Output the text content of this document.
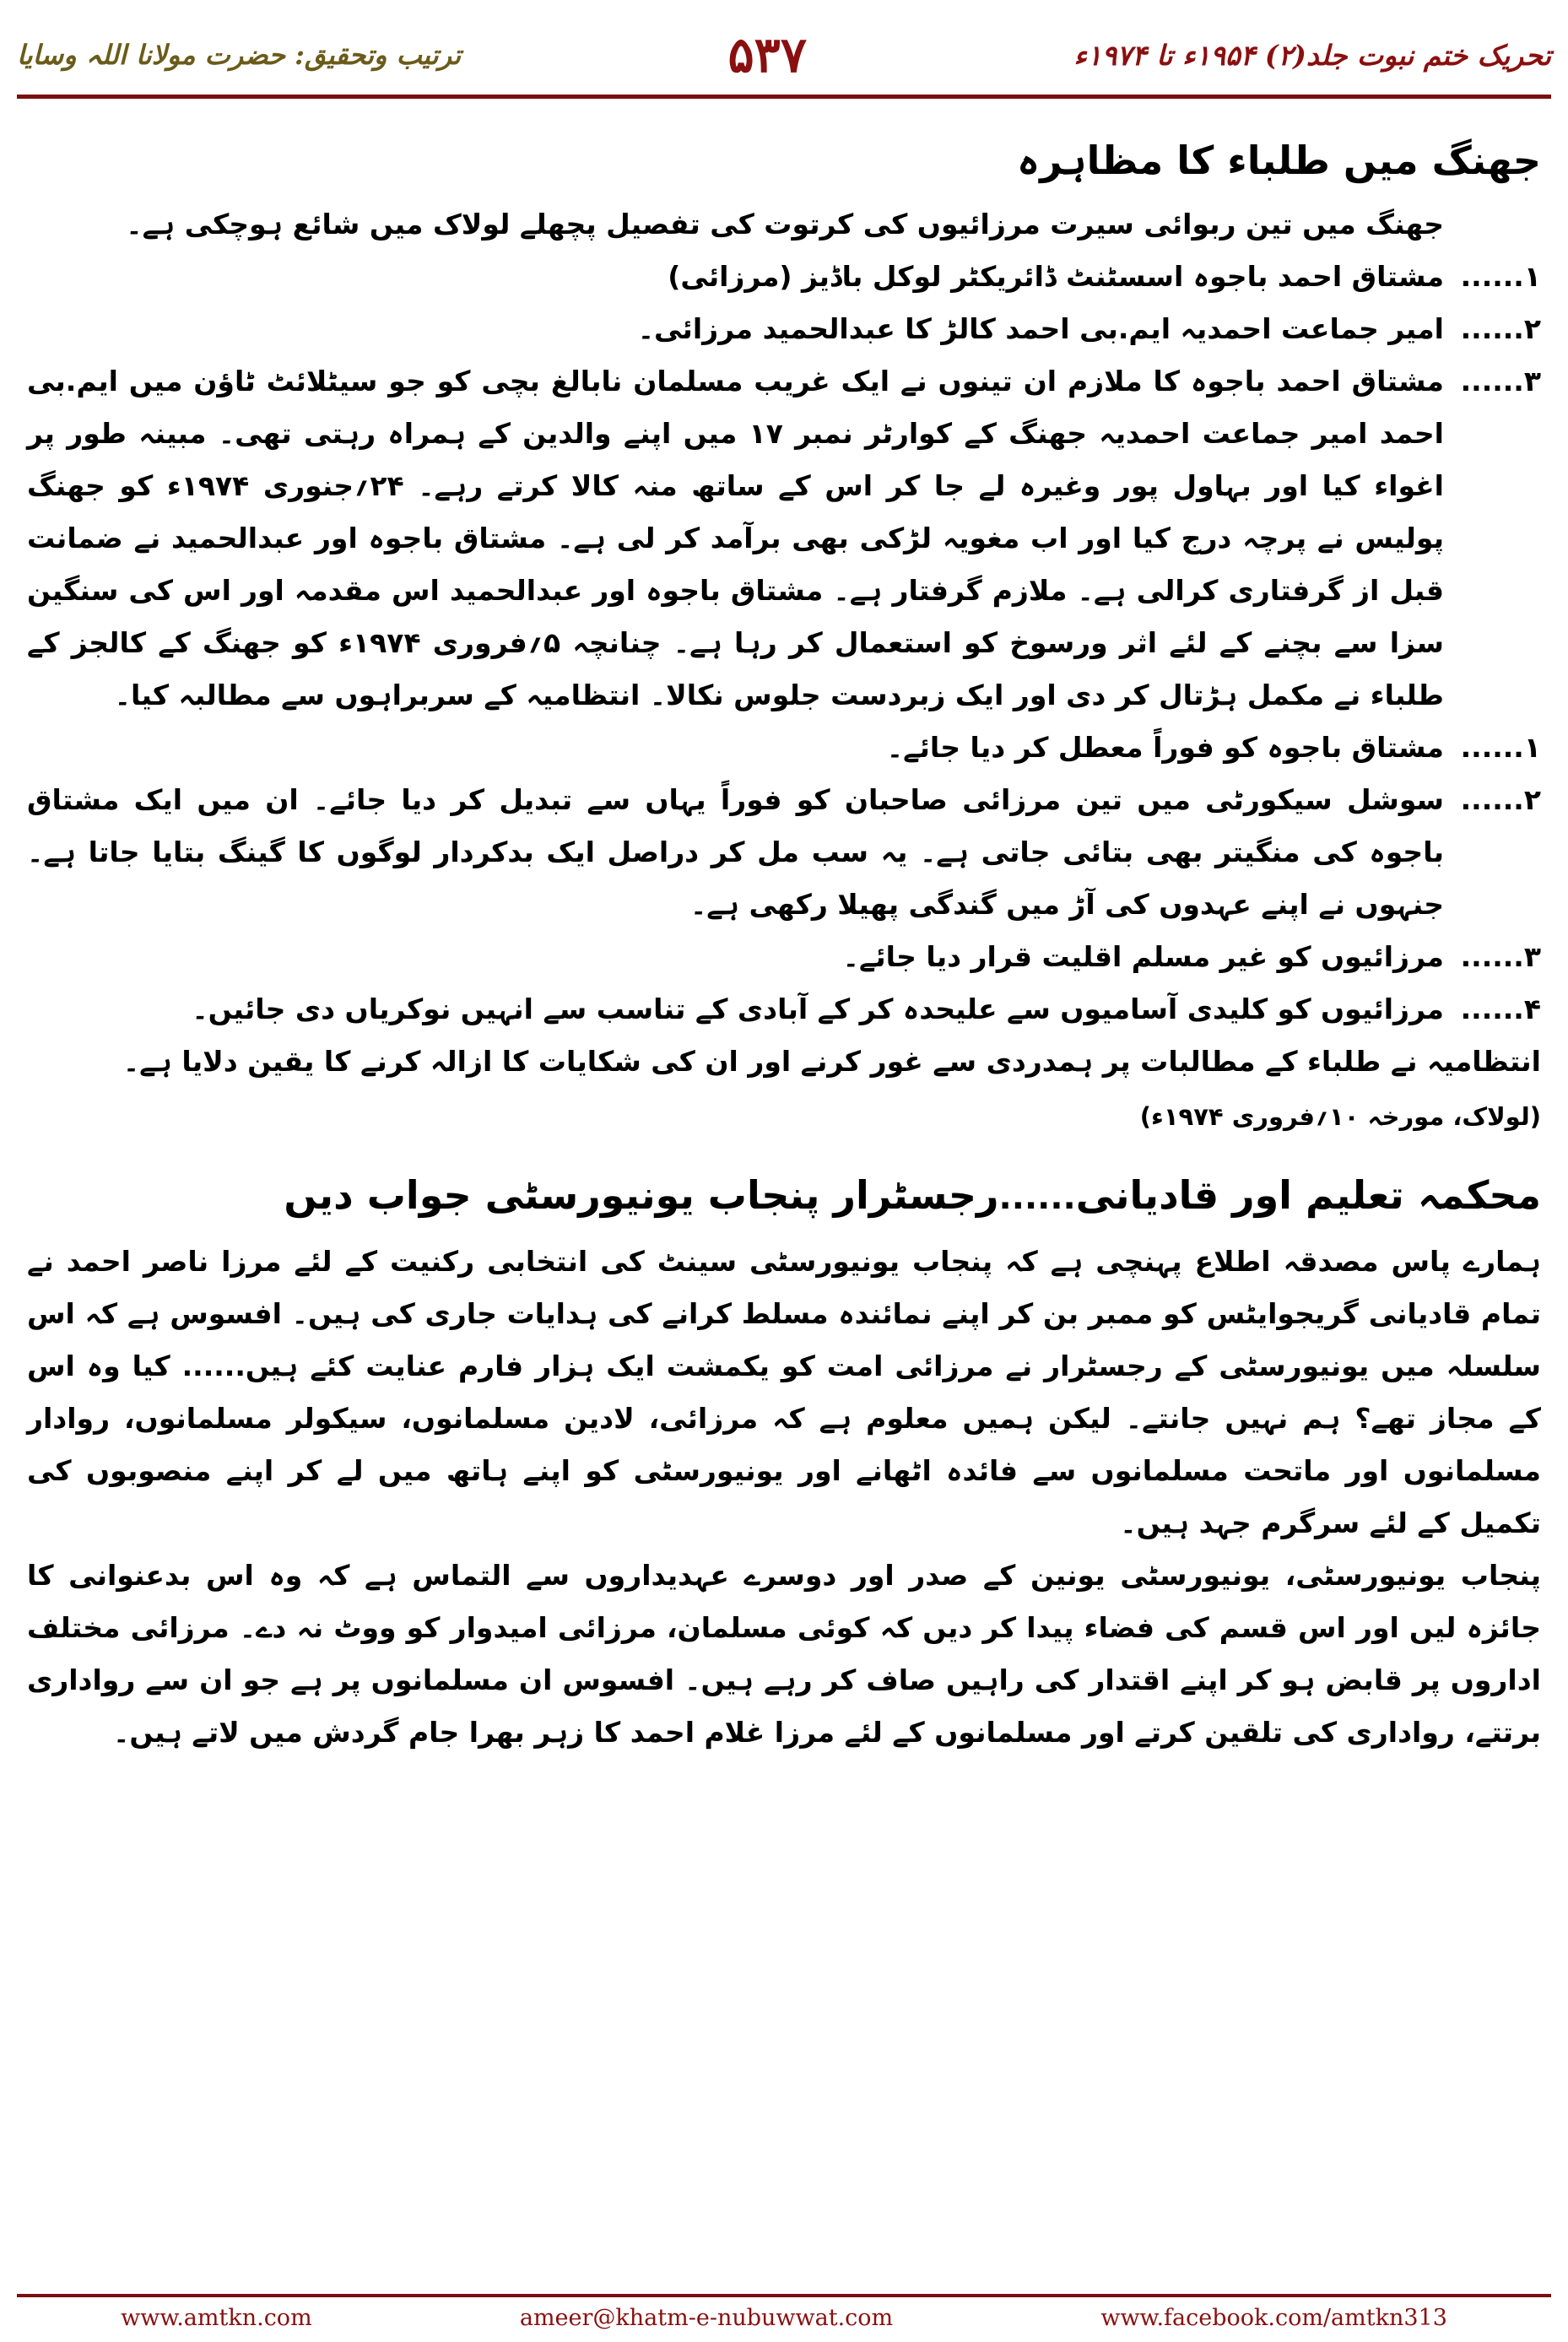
تحریک ختم نبوت جلد(۲) ۱۹۵۴ء تا ۱۹۷۴ء
۵۳۷
ترتیب وتحقیق: حضرت مولانا اللہ وسایا
جھنگ میں طلباء کا مظاہرہ

جھنگ میں تین ربوائی سیرت مرزائیوں کی کرتوت کی تفصیل پچھلے لولاک میں شائع ہوچکی ہے۔

۱......
مشتاق احمد باجوہ اسسٹنٹ ڈائریکٹر لوکل باڈیز (مرزائی)
۲......
امیر جماعت احمدیہ ایم.بی احمد کالڑ کا عبدالحمید مرزائی۔
۳......
مشتاق احمد باجوہ کا ملازم ان تینوں نے ایک غریب مسلمان نابالغ بچی کو جو سیٹلائٹ ٹاؤن میں ایم.بی احمد امیر جماعت احمدیہ جھنگ کے کوارٹر نمبر ۱۷ میں اپنے والدین کے ہمراہ رہتی تھی۔ مبینہ طور پر اغواء کیا اور بہاول پور وغیرہ لے جا کر اس کے ساتھ منہ کالا کرتے رہے۔ ۲۴؍جنوری ۱۹۷۴ء کو جھنگ پولیس نے پرچہ درج کیا اور اب مغویہ لڑکی بھی برآمد کر لی ہے۔ مشتاق باجوہ اور عبدالحمید نے ضمانت قبل از گرفتاری کرالی ہے۔ ملازم گرفتار ہے۔ مشتاق باجوہ اور عبدالحمید اس مقدمہ اور اس کی سنگین سزا سے بچنے کے لئے اثر ورسوخ کو استعمال کر رہا ہے۔ چنانچہ ۵؍فروری ۱۹۷۴ء کو جھنگ کے کالجز کے طلباء نے مکمل ہڑتال کر دی اور ایک زبردست جلوس نکالا۔ انتظامیہ کے سربراہوں سے مطالبہ کیا۔
۱......
مشتاق باجوہ کو فوراً معطل کر دیا جائے۔
۲......
سوشل سیکورٹی میں تین مرزائی صاحبان کو فوراً یہاں سے تبدیل کر دیا جائے۔ ان میں ایک مشتاق باجوہ کی منگیتر بھی بتائی جاتی ہے۔ یہ سب مل کر دراصل ایک بدکردار لوگوں کا گینگ بتایا جاتا ہے۔ جنہوں نے اپنے عہدوں کی آڑ میں گندگی پھیلا رکھی ہے۔
۳......
مرزائیوں کو غیر مسلم اقلیت قرار دیا جائے۔
۴......
مرزائیوں کو کلیدی آسامیوں سے علیحدہ کر کے آبادی کے تناسب سے انہیں نوکریاں دی جائیں۔

انتظامیہ نے طلباء کے مطالبات پر ہمدردی سے غور کرنے اور ان کی شکایات کا ازالہ کرنے کا یقین دلایا ہے۔

(لولاک، مورخہ ۱۰؍فروری ۱۹۷۴ء)
محکمہ تعلیم اور قادیانی
......
رجسٹرار پنجاب یونیورسٹی جواب دیں

ہمارے پاس مصدقہ اطلاع پہنچی ہے کہ پنجاب یونیورسٹی سینٹ کی انتخابی رکنیت کے لئے مرزا ناصر احمد نے تمام قادیانی گریجوایٹس کو ممبر بن کر اپنے نمائندہ مسلط کرانے کی ہدایات جاری کی ہیں۔ افسوس ہے کہ اس سلسلہ میں یونیورسٹی کے رجسٹرار نے مرزائی امت کو یکمشت ایک ہزار فارم عنایت کئے ہیں...... کیا وہ اس کے مجاز تھے؟ ہم نہیں جانتے۔ لیکن ہمیں معلوم ہے کہ مرزائی، لادین مسلمانوں، سیکولر مسلمانوں، روادار مسلمانوں اور ماتحت مسلمانوں سے فائدہ اٹھانے اور یونیورسٹی کو اپنے ہاتھ میں لے کر اپنے منصوبوں کی تکمیل کے لئے سرگرم جہد ہیں۔

پنجاب یونیورسٹی، یونیورسٹی یونین کے صدر اور دوسرے عہدیداروں سے التماس ہے کہ وہ اس بدعنوانی کا جائزہ لیں اور اس قسم کی فضاء پیدا کر دیں کہ کوئی مسلمان، مرزائی امیدوار کو ووٹ نہ دے۔ مرزائی مختلف اداروں پر قابض ہو کر اپنے اقتدار کی راہیں صاف کر رہے ہیں۔ افسوس ان مسلمانوں پر ہے جو ان سے رواداری برتتے، رواداری کی تلقین کرتے اور مسلمانوں کے لئے مرزا غلام احمد کا زہر بھرا جام گردش میں لاتے ہیں۔

www.amtkn.com	ameer@khatm-e-nubuwwat.com	www.facebook.com/amtkn313
